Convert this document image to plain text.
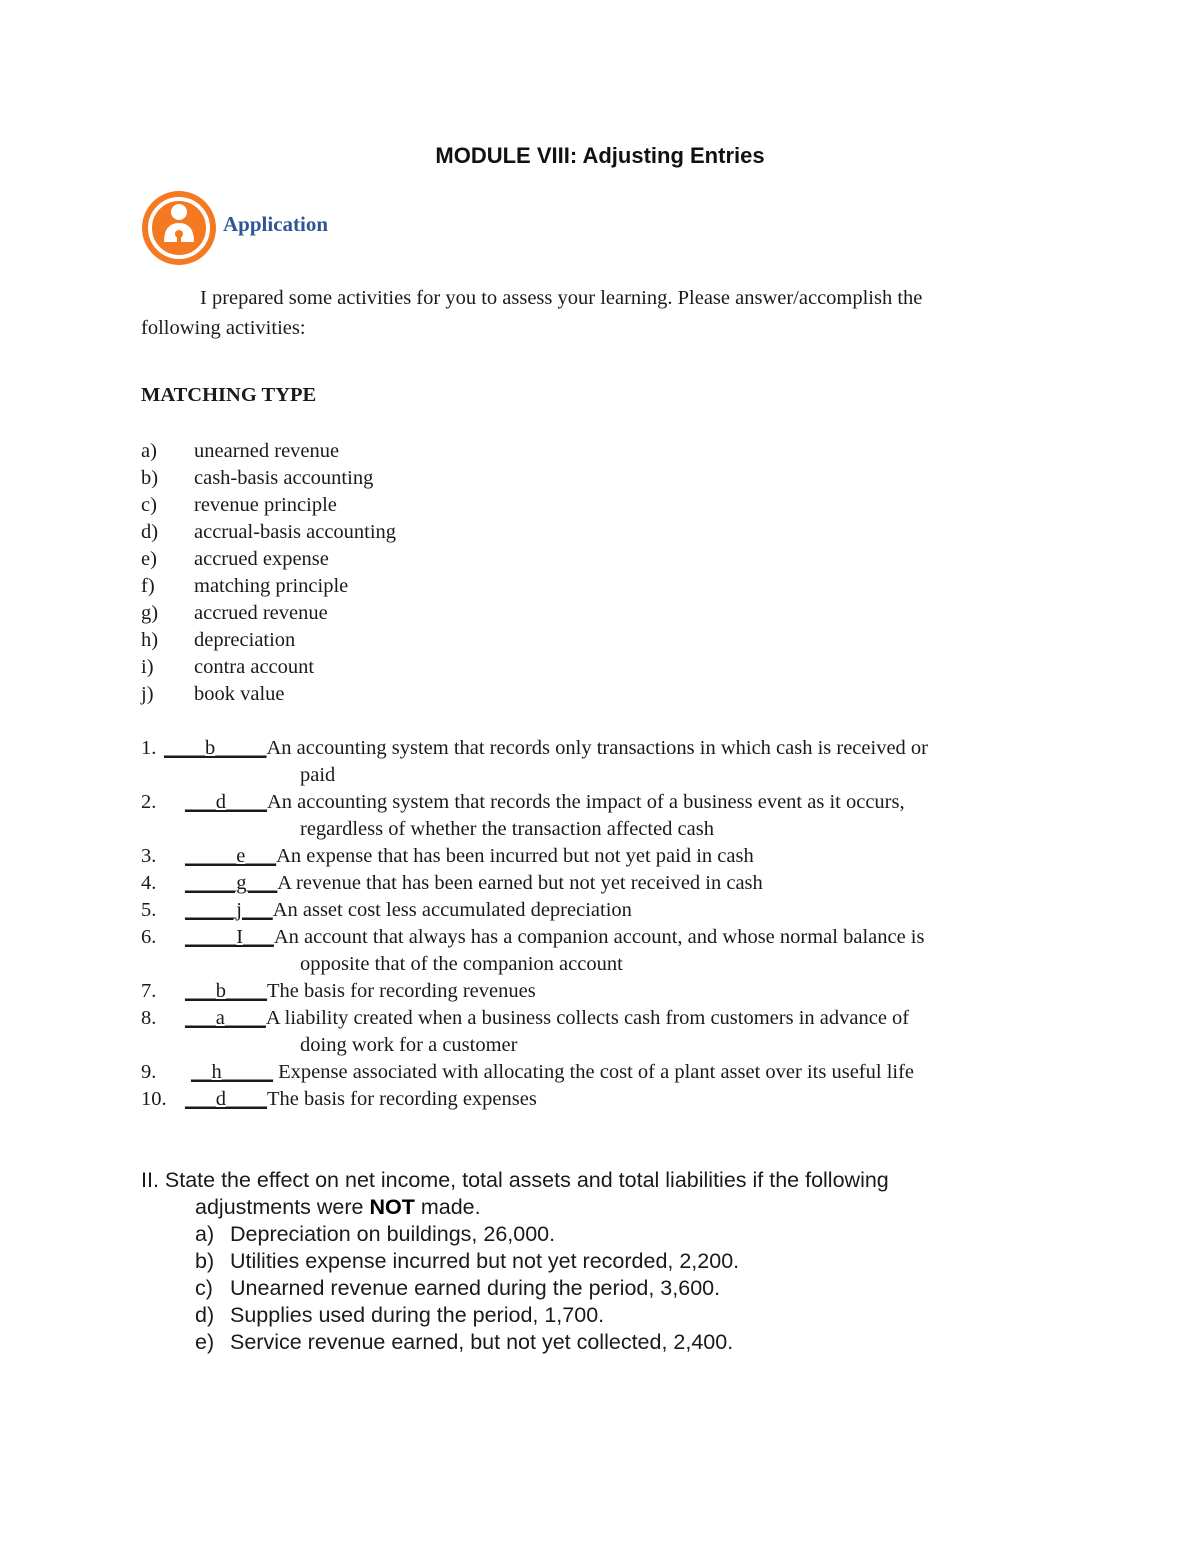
MODULE VIII: Adjusting Entries
Application
I prepared some activities for you to assess your learning. Please answer/accomplish the
following activities:
MATCHING TYPE
a) unearned revenue
b) cash-basis accounting
c) revenue principle
d) accrual-basis accounting
e) accrued expense
f) matching principle
g) accrued revenue
h) depreciation
i) contra account
j) book value
1. ____b_____An accounting system that records only transactions in which cash is received or
paid
2. ___d____An accounting system that records the impact of a business event as it occurs,
regardless of whether the transaction affected cash
3. _____e___An expense that has been incurred but not yet paid in cash
4. _____g___A revenue that has been earned but not yet received in cash
5. _____j___An asset cost less accumulated depreciation
6. _____I___An account that always has a companion account, and whose normal balance is
opposite that of the companion account
7. ___b____The basis for recording revenues
8. ___a____A liability created when a business collects cash from customers in advance of
doing work for a customer
9. __h_____ Expense associated with allocating the cost of a plant asset over its useful life
10. ___d____The basis for recording expenses
II. State the effect on net income, total assets and total liabilities if the following
adjustments were NOT made.
a) Depreciation on buildings, 26,000.
b) Utilities expense incurred but not yet recorded, 2,200.
c) Unearned revenue earned during the period, 3,600.
d) Supplies used during the period, 1,700.
e) Service revenue earned, but not yet collected, 2,400.
